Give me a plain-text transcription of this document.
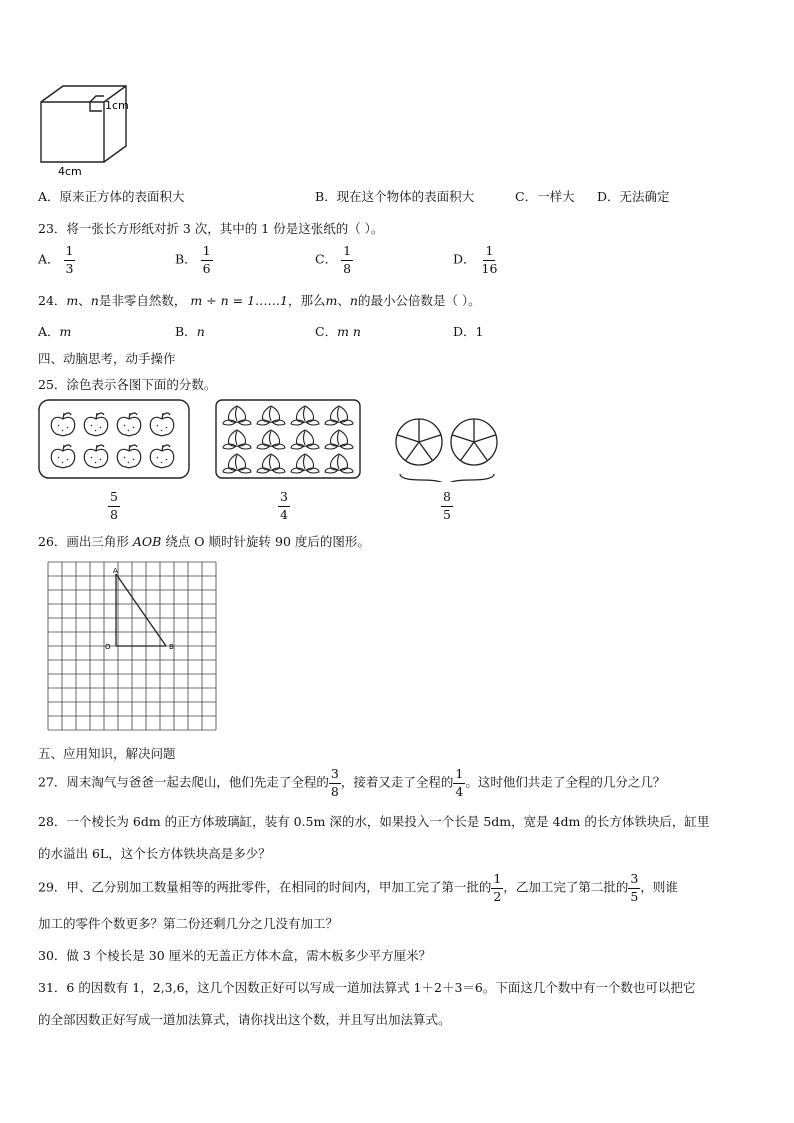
1cm
4cm
A．原来正方体的表面积大	B．现在这个物体的表面积大	C．一样大 D．无法确定
23．将一张长方形纸对折 3 次，其中的 1 份是这张纸的（ ）。
A． $\frac{1}{3}$	B． $\frac{1}{6}$	C． $\frac{1}{8}$	D． $\frac{1}{16}$
24．m、n是非零自然数， m ÷ n = 1……1，那么m、n的最小公倍数是（ ）。
A．m	B．n	C．m n	D．1
四、动脑思考，动手操作
25．涂色表示各图下面的分数。
$\frac{5}{8}$	$\frac{3}{4}$	$\frac{8}{5}$
26．画出三角形 AOB 绕点 O 顺时针旋转 90 度后的图形。
A
O	B
五、应用知识，解决问题
27．周末淘气与爸爸一起去爬山，他们先走了全程的 $\frac{3}{8}$ ，接着又走了全程的 $\frac{1}{4}$ 。这时他们共走了全程的几分之几？
28．一个棱长为 6dm 的正方体玻璃缸，装有 0.5m 深的水，如果投入一个长是 5dm，宽是 4dm 的长方体铁块后，缸里
的水溢出 6L，这个长方体铁块高是多少？
29．甲、乙分别加工数量相等的两批零件，在相同的时间内，甲加工完了第一批的 $\frac{1}{2}$ ，乙加工完了第二批的 $\frac{3}{5}$ ，则谁
加工的零件个数更多？第二份还剩几分之几没有加工？
30．做 3 个棱长是 30 厘米的无盖正方体木盒，需木板多少平方厘米？
31．6 的因数有 1，2,3,6，这几个因数正好可以写成一道加法算式 1＋2＋3＝6。下面这几个数中有一个数也可以把它
的全部因数正好写成一道加法算式，请你找出这个数，并且写出加法算式。
